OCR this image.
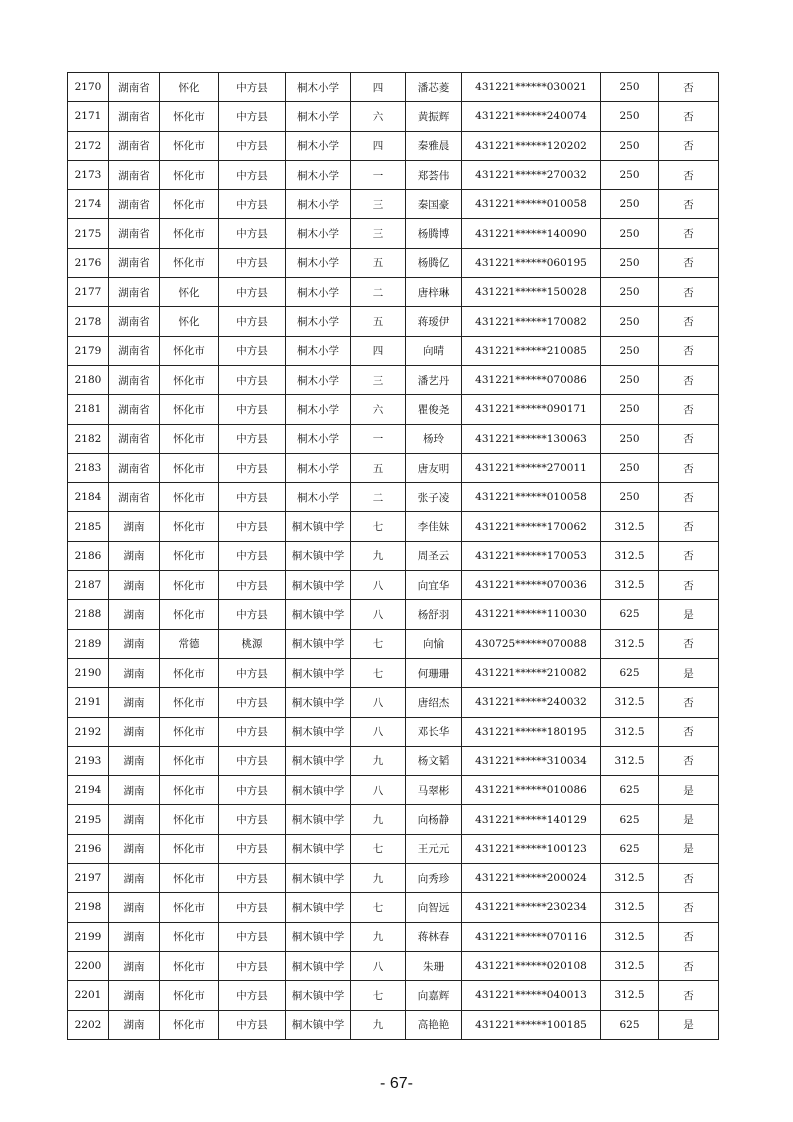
2170	湖南省	怀化	中方县	桐木小学	四	潘芯菱	431221******030021	250	否
2171	湖南省	怀化市	中方县	桐木小学	六	黄振辉	431221******240074	250	否
2172	湖南省	怀化市	中方县	桐木小学	四	秦雅晨	431221******120202	250	否
2173	湖南省	怀化市	中方县	桐木小学	一	郑荟伟	431221******270032	250	否
2174	湖南省	怀化市	中方县	桐木小学	三	秦国豪	431221******010058	250	否
2175	湖南省	怀化市	中方县	桐木小学	三	杨腾博	431221******140090	250	否
2176	湖南省	怀化市	中方县	桐木小学	五	杨腾亿	431221******060195	250	否
2177	湖南省	怀化	中方县	桐木小学	二	唐梓琳	431221******150028	250	否
2178	湖南省	怀化	中方县	桐木小学	五	蒋瑷伊	431221******170082	250	否
2179	湖南省	怀化市	中方县	桐木小学	四	向晴	431221******210085	250	否
2180	湖南省	怀化市	中方县	桐木小学	三	潘艺丹	431221******070086	250	否
2181	湖南省	怀化市	中方县	桐木小学	六	瞿俊尧	431221******090171	250	否
2182	湖南省	怀化市	中方县	桐木小学	一	杨玲	431221******130063	250	否
2183	湖南省	怀化市	中方县	桐木小学	五	唐友明	431221******270011	250	否
2184	湖南省	怀化市	中方县	桐木小学	二	张子凌	431221******010058	250	否
2185	湖南	怀化市	中方县	桐木镇中学	七	李佳妹	431221******170062	312.5	否
2186	湖南	怀化市	中方县	桐木镇中学	九	周圣云	431221******170053	312.5	否
2187	湖南	怀化市	中方县	桐木镇中学	八	向宜华	431221******070036	312.5	否
2188	湖南	怀化市	中方县	桐木镇中学	八	杨舒羽	431221******110030	625	是
2189	湖南	常德	桃源	桐木镇中学	七	向愉	430725******070088	312.5	否
2190	湖南	怀化市	中方县	桐木镇中学	七	何珊珊	431221******210082	625	是
2191	湖南	怀化市	中方县	桐木镇中学	八	唐绍杰	431221******240032	312.5	否
2192	湖南	怀化市	中方县	桐木镇中学	八	邓长华	431221******180195	312.5	否
2193	湖南	怀化市	中方县	桐木镇中学	九	杨文韬	431221******310034	312.5	否
2194	湖南	怀化市	中方县	桐木镇中学	八	马翠彬	431221******010086	625	是
2195	湖南	怀化市	中方县	桐木镇中学	九	向杨静	431221******140129	625	是
2196	湖南	怀化市	中方县	桐木镇中学	七	王元元	431221******100123	625	是
2197	湖南	怀化市	中方县	桐木镇中学	九	向秀珍	431221******200024	312.5	否
2198	湖南	怀化市	中方县	桐木镇中学	七	向智远	431221******230234	312.5	否
2199	湖南	怀化市	中方县	桐木镇中学	九	蒋林春	431221******070116	312.5	否
2200	湖南	怀化市	中方县	桐木镇中学	八	朱珊	431221******020108	312.5	否
2201	湖南	怀化市	中方县	桐木镇中学	七	向嘉辉	431221******040013	312.5	否
2202	湖南	怀化市	中方县	桐木镇中学	九	高艳艳	431221******100185	625	是
- 67-
